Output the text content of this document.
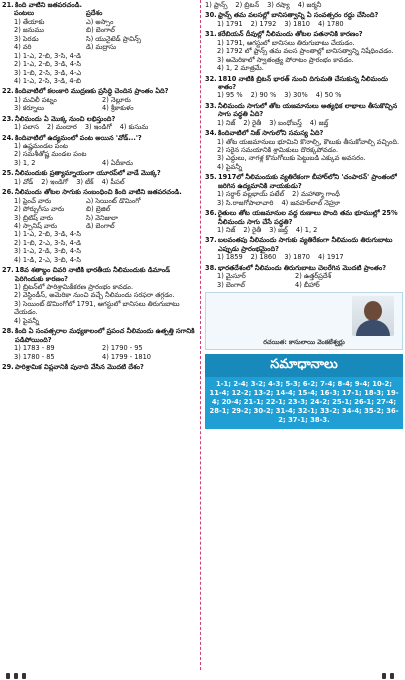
21. కింది వాటిని జతపరచండి.
పంటలు	ప్రదేశం
1) తేయాకు	ఎ) అస్సాం
2) జనుము	బి) బెంగాల్
3) పెరడు	సి) యునైటెడ్ ప్రావిన్స్
4) వరి	డి) మద్రాసు
1) 1-ఎ, 2-బి, 3-సి, 4-డి
2) 1-ఎ, 2-బి, 3-డి, 4-సి
3) 1-బి, 2-సి, 3-డి, 4-ఎ
4) 1-ఎ, 2-సి, 3-డి, 4-బి
22. కిందివాటిలో కలంకారి ముద్రణకు ప్రసిద్ధి చెందిన ప్రాంతం ఏది?
1) మచిలీ పట్నం	2) నెల్లూరు
3) కర్నూలు	4) శ్రీకాకుళం
23. నీలిమందు ఏ మొక్క నుంచి లభిస్తుంది?
1) పలాస 2) మందార 3) ఇండిగో 4) కుసుమ
24. కిందివాటిలో ఉద్యమంలో పంట అయిన 'వోడ్...'?
1) ఉష్ణమండల పంట
2) సమశీతోష్ణ మండల పంట
3) 1, 2	4) ఏదీకాదు
25. నీలిమందుకు ప్రత్యామ్నాయంగా యూరప్‌లో వాడే మొక్క?
1) వోడ్ 2) ఇండిగో 3) టీక్ 4) పీపల్
26. నీలిమందు తోటల సాగుకు సంబంధించి కింది వాటిని జతపరచండి.
1) ఫ్రెంచ్ వారు	ఎ) సెయింట్ డొమింగో
2) పోర్చుగీసు వారు	బి) బ్రెజిల్
3) బ్రిటిష్ వారు	సి) వెనిజులా
4) స్పానిష్ వారు	డి) బెంగాల్
1) 1-ఎ, 2-బి, 3-డి, 4-సి
2) 1-బి, 2-ఎ, 3-సి, 4-డి
3) 1-ఎ, 2-డి, 3-బి, 4-సి
4) 1-డి, 2-ఎ, 3-బి, 4-సి
27. 18వ శతాబ్దం చివరి నాటికి భారతీయ నీలిమందుకు డిమాండ్ పెరిగిందుకు కారణం?
1) బ్రిటన్‌లో పారిశ్రామికీకరణ ప్రారంభం కావడం.
2) వెస్టిండీస్, అమెరికా నుంచి వచ్చే నీలిమందు సరఫరా తగ్గడం.
3) సెయింట్ డొమింగోలో 1791, ఆగస్టులో బానిసలు తిరుగుబాటు చేయడం.
4) పైవన్నీ
28. కింది ఏ సంవత్సరాల మధ్యకాలంలో ప్రపంచ నీలిమందు ఉత్పత్తి సగానికి పడిపోయింది?
1) 1783 - 89	2) 1790 - 95
3) 1780 - 85	4) 1799 - 1810
29. పారిశ్రామిక విప్లవానికి పునాది వేసిన మొదటి దేశం?
1) ఫ్రాన్స్ 2) బ్రిటన్ 3) రష్యా 4) జర్మనీ
30. ఫ్రాన్స్ తమ వలసల్లో బానిసత్వాన్ని ఏ సంవత్సరం రద్దు చేసింది?
1) 1791 2) 1792 3) 1810 4) 1780
31. కరేబియన్ దీవుల్లో నీలిమందు తోటల పతనానికి కారణం?
1) 1791, ఆగస్టులో బానిసలు తిరుగుబాటు చేయడం.
2) 1792 లో ఫ్రాన్స్ తమ వలస ప్రాంతాల్లో బానిసత్వాన్ని నిషేధించడం.
3) అమెరికాలో స్వాతంత్ర్య పోరాటం ప్రారంభం కావడం.
4) 1, 2 మాత్రమే.
32. 1810 నాటికి బ్రిటన్ భారత్ నుంచి దిగుమతి చేసుకున్న నీలిమందు శాతం?
1) 95 % 2) 90 % 3) 30% 4) 50 %
33. నీలిమందు సాగులో తోట యజమానులు అత్యధిక లాభాలు తీసుకొచ్చిన సాగు పద్ధతి ఏది?
1) నిజ్ 2) రైతీ 3) బంధోబస్త్ 4) జబ్త్
34. కిందివాటిలో నిజ్ సాగులోని సమస్య ఏది?
1) తోట యజమానులు భూమిని కొనాల్సి, కౌలుకు తీసుకోవాల్సి వచ్చింది.
2) సరైన సమయానికి శ్రామికులు దొరక్కపోవడం.
3) ఎద్దులు, నాగళ్ల కొనుగోలుకు పెట్టుబడి ఎక్కువ అవసరం.
4) పైవన్నీ
35. 1917లో నీలిమందుకు వ్యతిరేకంగా బీహార్‌లోని 'చంపారన్' ప్రాంతంలో జరిగిన ఉద్యమానికి నాయకుడు?
1) సర్దార్ వల్లభాయ్ పటేల్ 2) మహాత్మా గాంధీ
3) సి.రాజగోపాలాచారి 4) జవహర్‌లాల్ నెహ్రూ
36. రైతులు తోట యజమానుల వద్ద రుణాలు పొంది తమ భూముల్లో 25% నీలిమందు సాగు చేసే పద్ధతి?
1) నిజ్ 2) రైతీ 3) జబ్త్ 4) 1, 2
37. బలవంతపు నీలిమందు సాగుకు వ్యతిరేకంగా నీలిమందు తిరుగుబాటు ఎప్పుడు ప్రారంభమైంది?
1) 1859 2) 1860 3) 1870 4) 1917
38. భారతదేశంలో నీలిమందు తిరుగుబాటు చెలరేగిన మొదటి ప్రాంతం?
1) మైసూర్	2) ఉత్తర్‌ప్రదేశ్
3) బెంగాల్	4) బీహార్
రచయిత: కాసులాయి వెంకటేశ్వర్లు
సమాధానాలు
1-1; 2-4; 3-2; 4-3; 5-3; 6-2; 7-4; 8-4; 9-4; 10-2; 11-4; 12-2; 13-2; 14-4; 15-4; 16-3; 17-1; 18-3; 19-4; 20-4; 21-1; 22-1; 23-3; 24-2; 25-1; 26-1; 27-4; 28-1; 29-2; 30-2; 31-4; 32-1; 33-2; 34-4; 35-2; 36-2; 37-1; 38-3.
